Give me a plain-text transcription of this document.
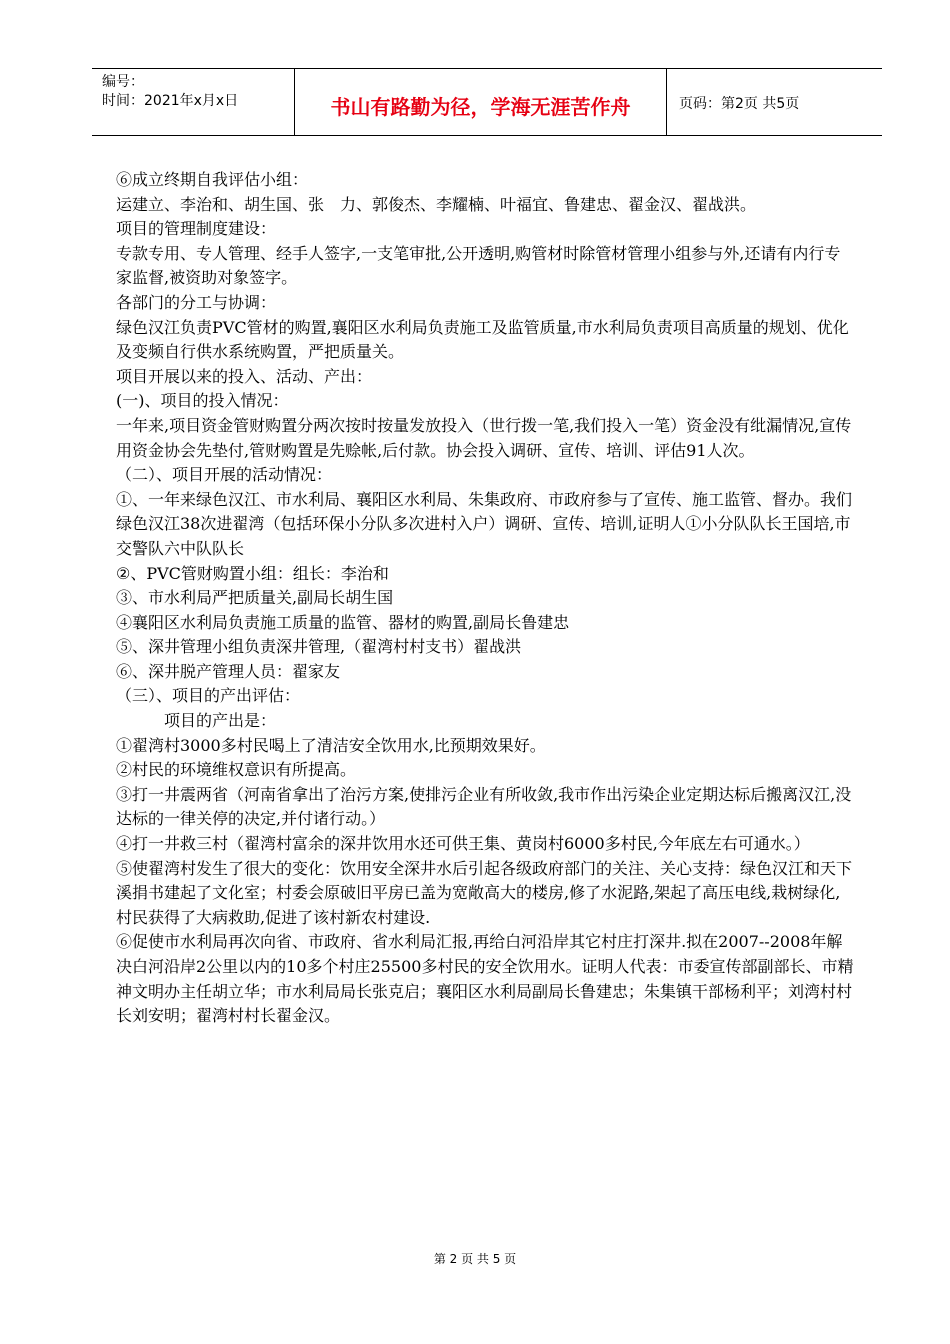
编号：
时间：2021年x月x日	书山有路勤为径，学海无涯苦作舟	页码：第2页 共5页

⑥成立终期自我评估小组：

运建立、李治和、胡生国、张　力、郭俊杰、李耀楠、叶福宜、鲁建忠、翟金汉、翟战洪。

项目的管理制度建设：

专款专用、专人管理、经手人签字,一支笔审批,公开透明,购管材时除管材管理小组参与外,还请有内行专家监督,被资助对象签字。

各部门的分工与协调：

绿色汉江负责PVC管材的购置,襄阳区水利局负责施工及监管质量,市水利局负责项目高质量的规划、优化及变频自行供水系统购置，严把质量关。

项目开展以来的投入、活动、产出：

(一)、项目的投入情况：

一年来,项目资金管财购置分两次按时按量发放投入（世行拨一笔,我们投入一笔）资金没有纰漏情况,宣传用资金协会先垫付,管财购置是先赊帐,后付款。协会投入调研、宣传、培训、评估91人次。

（二）、项目开展的活动情况：

①、一年来绿色汉江、市水利局、襄阳区水利局、朱集政府、市政府参与了宣传、施工监管、督办。我们绿色汉江38次进翟湾（包括环保小分队多次进村入户）调研、宣传、培训,证明人①小分队队长王国培,市交警队六中队队长

②、PVC管财购置小组：组长：李治和

③、市水利局严把质量关,副局长胡生国

④襄阳区水利局负责施工质量的监管、器材的购置,副局长鲁建忠

⑤、深井管理小组负责深井管理,（翟湾村村支书）翟战洪

⑥、深井脱产管理人员：翟家友

（三）、项目的产出评估：

项目的产出是：

①翟湾村3000多村民喝上了清洁安全饮用水,比预期效果好。

②村民的环境维权意识有所提高。

③打一井震两省（河南省拿出了治污方案,使排污企业有所收敛,我市作出污染企业定期达标后搬离汉江,没达标的一律关停的决定,并付诸行动。）

④打一井救三村（翟湾村富余的深井饮用水还可供王集、黄岗村6000多村民,今年底左右可通水。）

⑤使翟湾村发生了很大的变化：饮用安全深井水后引起各级政府部门的关注、关心支持：绿色汉江和天下溪捐书建起了文化室；村委会原破旧平房已盖为宽敞高大的楼房,修了水泥路,架起了高压电线,栽树绿化,村民获得了大病救助,促进了该村新农村建设.

⑥促使市水利局再次向省、市政府、省水利局汇报,再给白河沿岸其它村庄打深井.拟在2007--2008年解决白河沿岸2公里以内的10多个村庄25500多村民的安全饮用水。证明人代表：市委宣传部副部长、市精神文明办主任胡立华；市水利局局长张克启；襄阳区水利局副局长鲁建忠；朱集镇干部杨利平；刘湾村村长刘安明；翟湾村村长翟金汉。

第 2 页 共 5 页
